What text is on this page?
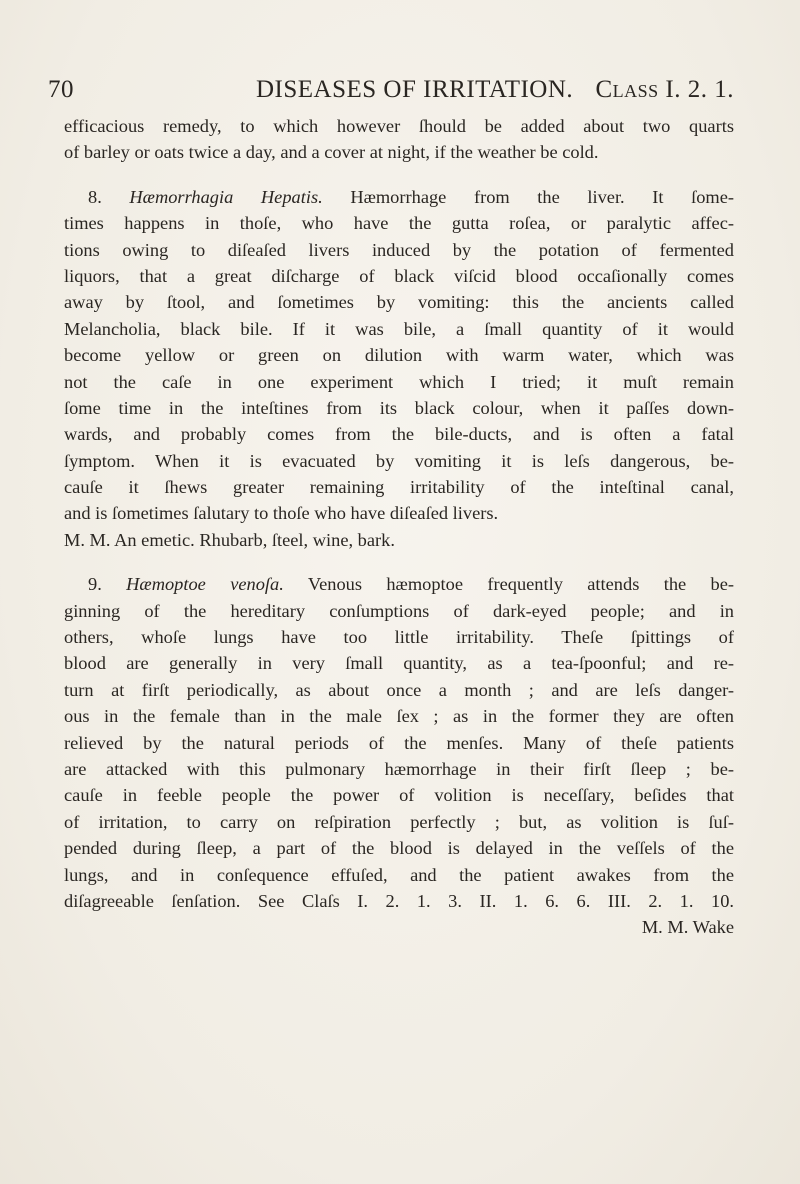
70	DISEASES OF IRRITATION. Class I. 2. 1.
efficacious remedy, to which however ſhould be added about two quarts
of barley or oats twice a day, and a cover at night, if the weather be cold.
8. Hæmorrhagia Hepatis. Hæmorrhage from the liver. It ſome-
times happens in thoſe, who have the gutta roſea, or paralytic affec-
tions owing to diſeaſed livers induced by the potation of fermented
liquors, that a great diſcharge of black viſcid blood occaſionally comes
away by ſtool, and ſometimes by vomiting: this the ancients called
Melancholia, black bile. If it was bile, a ſmall quantity of it would
become yellow or green on dilution with warm water, which was
not the caſe in one experiment which I tried; it muſt remain
ſome time in the inteſtines from its black colour, when it paſſes down-
wards, and probably comes from the bile-ducts, and is often a fatal
ſymptom. When it is evacuated by vomiting it is leſs dangerous, be-
cauſe it ſhews greater remaining irritability of the inteſtinal canal,
and is ſometimes ſalutary to thoſe who have diſeaſed livers.
M. M. An emetic. Rhubarb, ſteel, wine, bark.
9. Hæmoptoe venoſa. Venous hæmoptoe frequently attends the be-
ginning of the hereditary conſumptions of dark-eyed people; and in
others, whoſe lungs have too little irritability. Theſe ſpittings of
blood are generally in very ſmall quantity, as a tea-ſpoonful; and re-
turn at firſt periodically, as about once a month ; and are leſs danger-
ous in the female than in the male ſex ; as in the former they are often
relieved by the natural periods of the menſes. Many of theſe patients
are attacked with this pulmonary hæmorrhage in their firſt ſleep ; be-
cauſe in feeble people the power of volition is neceſſary, beſides that
of irritation, to carry on reſpiration perfectly ; but, as volition is ſuſ-
pended during ſleep, a part of the blood is delayed in the veſſels of the
lungs, and in conſequence effuſed, and the patient awakes from the
diſagreeable ſenſation. See Claſs I. 2. 1. 3. II. 1. 6. 6. III. 2. 1. 10.
M. M. Wake
